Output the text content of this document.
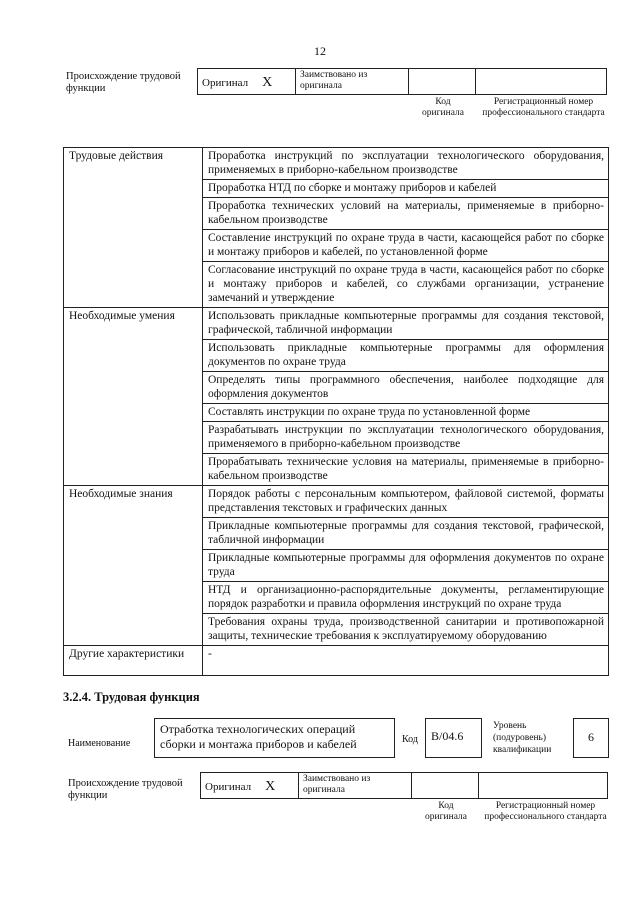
12
Происхождение трудовой функции	Оригинал X	Заимствовано из оригинала		
Код оригинала
Регистрационный номер профессионального стандарта
Трудовые действия	Проработка инструкций по эксплуатации технологического оборудования, применяемых в приборно-кабельном производстве
	Проработка НТД по сборке и монтажу приборов и кабелей
	Проработка технических условий на материалы, применяемые в приборно-кабельном производстве
	Составление инструкций по охране труда в части, касающейся работ по сборке и монтажу приборов и кабелей, по установленной форме
	Согласование инструкций по охране труда в части, касающейся работ по сборке и монтажу приборов и кабелей, со службами организации, устранение замечаний и утверждение
Необходимые умения	Использовать прикладные компьютерные программы для создания текстовой, графической, табличной информации
	Использовать прикладные компьютерные программы для оформления документов по охране труда
	Определять типы программного обеспечения, наиболее подходящие для оформления документов
	Составлять инструкции по охране труда по установленной форме
	Разрабатывать инструкции по эксплуатации технологического оборудования, применяемого в приборно-кабельном производстве
	Прорабатывать технические условия на материалы, применяемые в приборно-кабельном производстве
Необходимые знания	Порядок работы с персональным компьютером, файловой системой, форматы представления текстовых и графических данных
	Прикладные компьютерные программы для создания текстовой, графической, табличной информации
	Прикладные компьютерные программы для оформления документов по охране труда
	НТД и организационно-распорядительные документы, регламентирующие порядок разработки и правила оформления инструкций по охране труда
	Требования охраны труда, производственной санитарии и противопожарной защиты, технические требования к эксплуатируемому оборудованию
Другие характеристики	-
3.2.4. Трудовая функция
Наименование
Отработка технологических операций сборки и монтажа приборов и кабелей	Код	B/04.6
Уровень (подуровень) квалификации
6
Происхождение трудовой функции
Оригинал X	Заимствовано из оригинала		
Код оригинала
Регистрационный номер профессионального стандарта
